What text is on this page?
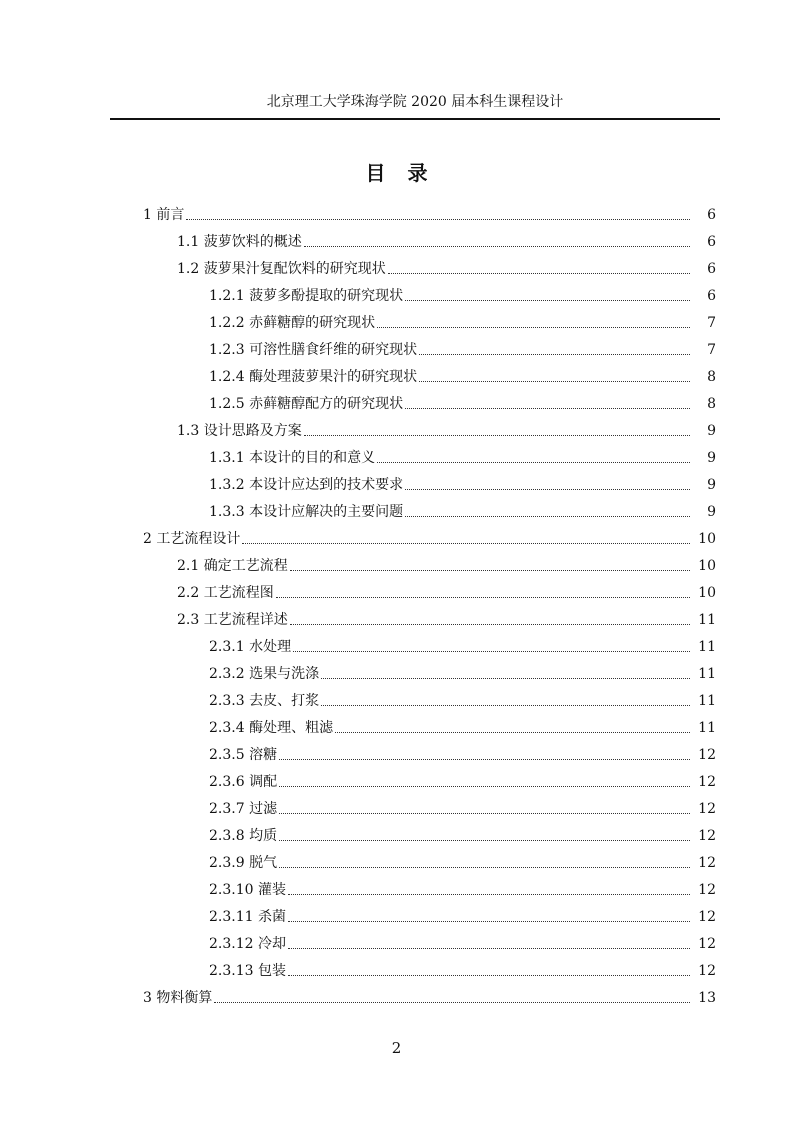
北京理工大学珠海学院 2020 届本科生课程设计
目录
1 前言	6
1.1 菠萝饮料的概述	6
1.2 菠萝果汁复配饮料的研究现状	6
1.2.1 菠萝多酚提取的研究现状	6
1.2.2 赤藓糖醇的研究现状	7
1.2.3 可溶性膳食纤维的研究现状	7
1.2.4 酶处理菠萝果汁的研究现状	8
1.2.5 赤藓糖醇配方的研究现状	8
1.3 设计思路及方案	9
1.3.1 本设计的目的和意义	9
1.3.2 本设计应达到的技术要求	9
1.3.3 本设计应解决的主要问题	9
2 工艺流程设计	10
2.1 确定工艺流程	10
2.2 工艺流程图	10
2.3 工艺流程详述	11
2.3.1 水处理	11
2.3.2 选果与洗涤	11
2.3.3 去皮、打浆	11
2.3.4 酶处理、粗滤	11
2.3.5 溶糖	12
2.3.6 调配	12
2.3.7 过滤	12
2.3.8 均质	12
2.3.9 脱气	12
2.3.10 灌装	12
2.3.11 杀菌	12
2.3.12 冷却	12
2.3.13 包装	12
3 物料衡算	13
2
